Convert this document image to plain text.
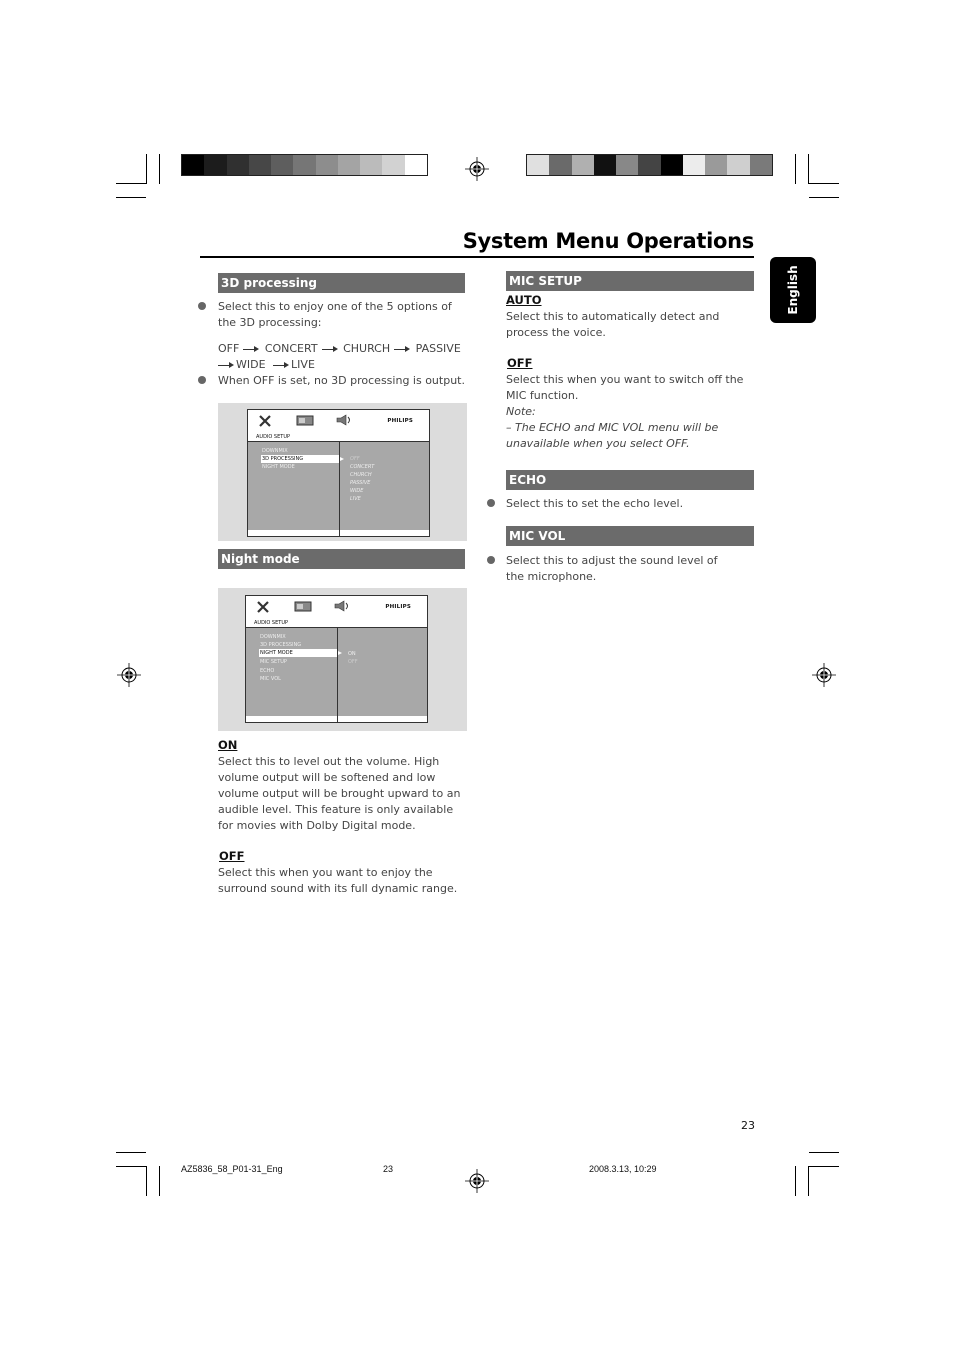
System Menu Operations
English
3D processing
Select this to enjoy one of the 5 options of the 3D processing:
OFF CONCERT CHURCH PASSIVE
WIDE LIVE
When OFF is set, no 3D processing is output.
PHILIPS
AUDIO SETUP
DOWNMIX
3D PROCESSING
NIGHT MODE
OFF
CONCERT
CHURCH
PASSIVE
WIDE
LIVE
Night mode
PHILIPS
AUDIO SETUP
DOWNMIX
3D PROCESSING
NIGHT MODE
MIC SETUP
ECHO
MIC VOL
ON
OFF
ON
Select this to level out the volume. High volume output will be softened and low volume output will be brought upward to an audible level. This feature is only available for movies with Dolby Digital mode.
OFF
Select this when you want to enjoy the surround sound with its full dynamic range.
MIC SETUP
AUTO
Select this to automatically detect and process the voice.
OFF
Select this when you want to switch off the MIC function.
Note:
– The ECHO and MIC VOL menu will be unavailable when you select OFF.
ECHO
Select this to set the echo level.
MIC VOL
Select this to adjust the sound level of the microphone.
23
AZ5836_58_P01-31_Eng	23	2008.3.13, 10:29
